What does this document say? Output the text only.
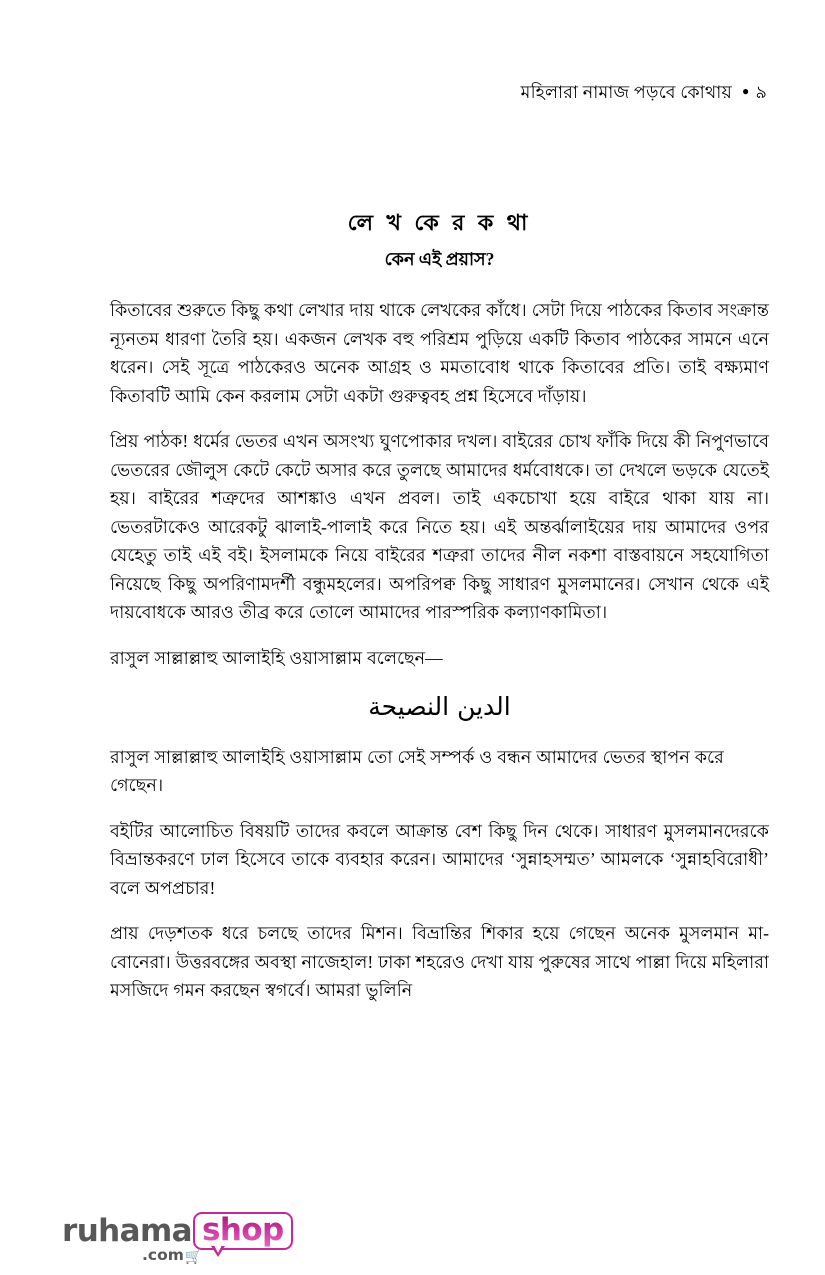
মহিলারা নামাজ পড়বে কোথায় ● ৯
লে খ কে র ক থা
কেন এই প্রয়াস?

কিতাবের শুরুতে কিছু কথা লেখার দায় থাকে লেখকের কাঁধে। সেটা দিয়ে পাঠকের কিতাব সংক্রান্ত ন্যূনতম ধারণা তৈরি হয়। একজন লেখক বহু পরিশ্রম পুড়িয়ে একটি কিতাব পাঠকের সামনে এনে ধরেন। সেই সূত্রে পাঠকেরও অনেক আগ্রহ ও মমতাবোধ থাকে কিতাবের প্রতি। তাই বক্ষ্যমাণ কিতাবটি আমি কেন করলাম সেটা একটা গুরুত্ববহ প্রশ্ন হিসেবে দাঁড়ায়।

প্রিয় পাঠক! ধর্মের ভেতর এখন অসংখ্য ঘুণপোকার দখল। বাইরের চোখ ফাঁকি দিয়ে কী নিপুণভাবে ভেতরের জৌলুস কেটে কেটে অসার করে তুলছে আমাদের ধর্মবোধকে। তা দেখলে ভড়কে যেতেই হয়। বাইরের শত্রুদের আশঙ্কাও এখন প্রবল। তাই একচোখা হয়ে বাইরে থাকা যায় না। ভেতরটাকেও আরেকটু ঝালাই-পালাই করে নিতে হয়। এই অন্তর্ঝালাইয়ের দায় আমাদের ওপর যেহেতু তাই এই বই। ইসলামকে নিয়ে বাইরের শত্রুরা তাদের নীল নকশা বাস্তবায়নে সহযোগিতা নিয়েছে কিছু অপরিণামদর্শী বন্ধুমহলের। অপরিপক্ব কিছু সাধারণ মুসলমানের। সেখান থেকে এই দায়বোধকে আরও তীব্র করে তোলে আমাদের পারস্পরিক কল্যাণকামিতা।

রাসুল সাল্লাল্লাহু আলাইহি ওয়াসাল্লাম বলেছেন—

الدين النصيحة

রাসুল সাল্লাল্লাহু আলাইহি ওয়াসাল্লাম তো সেই সম্পর্ক ও বন্ধন আমাদের ভেতর স্থাপন করে গেছেন।

বইটির আলোচিত বিষয়টি তাদের কবলে আক্রান্ত বেশ কিছু দিন থেকে। সাধারণ মুসলমানদেরকে বিভ্রান্তকরণে ঢাল হিসেবে তাকে ব্যবহার করেন। আমাদের ‘সুন্নাহসম্মত’ আমলকে ‘সুন্নাহবিরোধী’ বলে অপপ্রচার!

প্রায় দেড়শতক ধরে চলছে তাদের মিশন। বিভ্রান্তির শিকার হয়ে গেছেন অনেক মুসলমান মা-বোনেরা। উত্তরবঙ্গের অবস্থা নাজেহাল! ঢাকা শহরেও দেখা যায় পুরুষের সাথে পাল্লা দিয়ে মহিলারা মসজিদে গমন করছেন স্বগর্বে। আমরা ভুলিনি

ruhama shop
.com 🛒
